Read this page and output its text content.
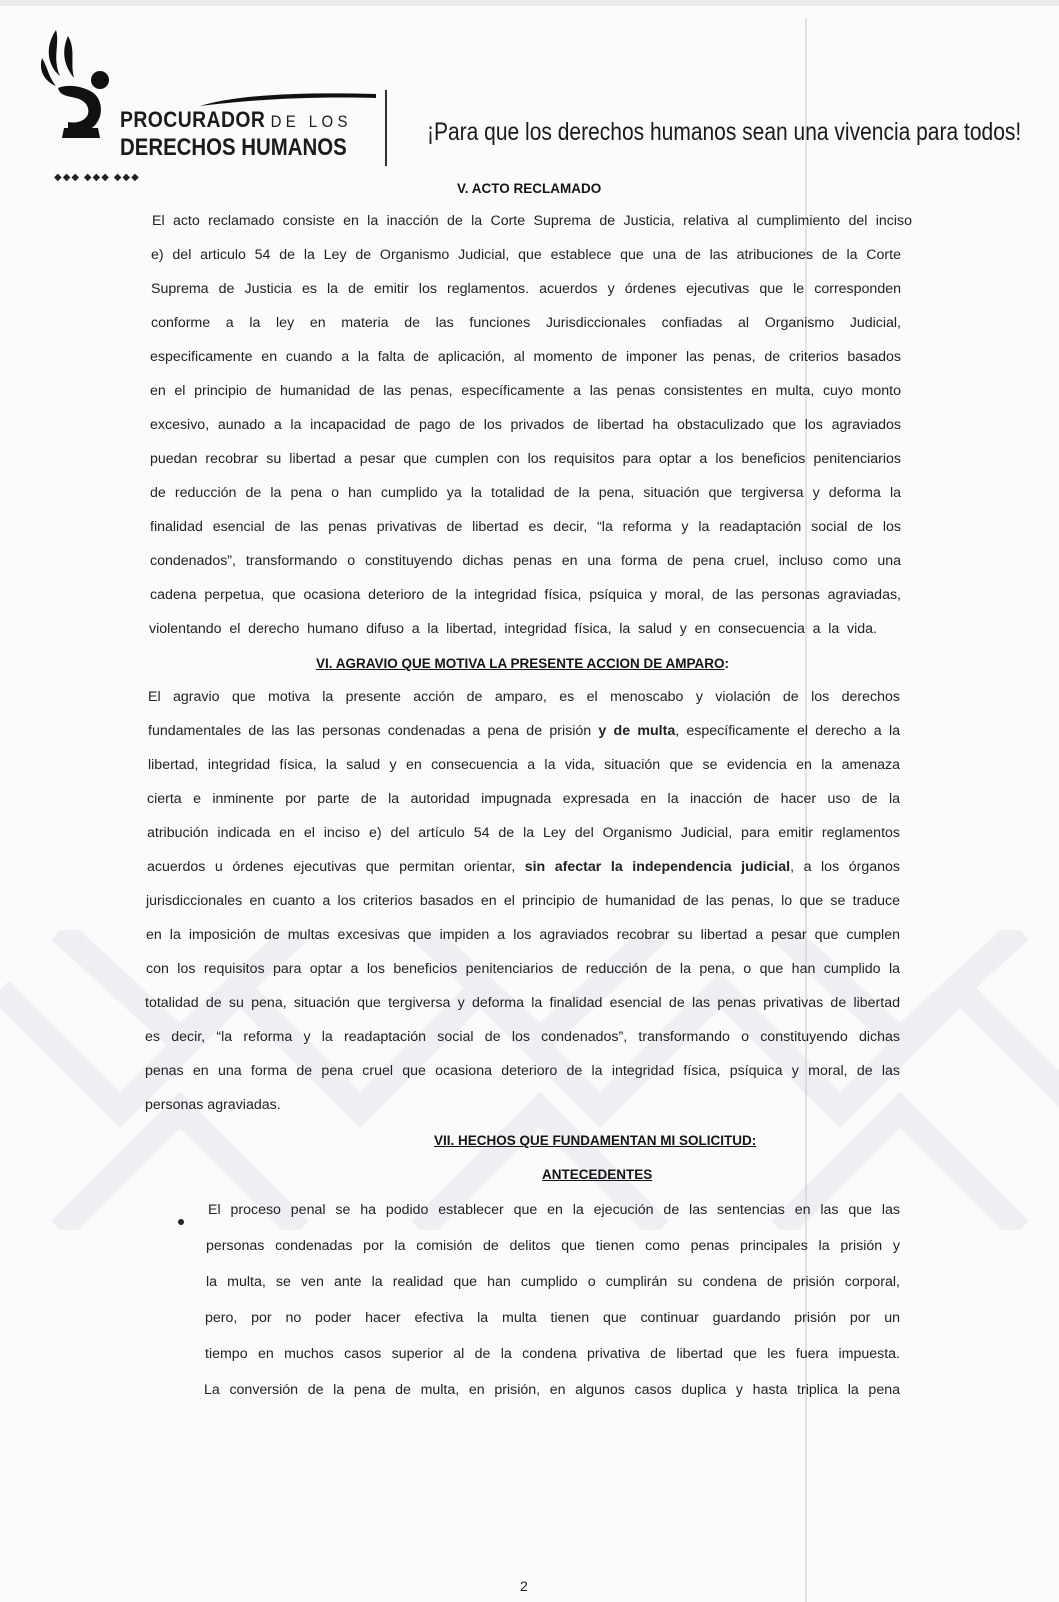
PROCURADOR DE LOS
DERECHOS HUMANOS
◆◆◆ ◆◆◆ ◆◆◆
¡Para que los derechos humanos sean una vivencia para todos!
V. ACTO RECLAMADO
El acto reclamado consiste en la inacción de la Corte Suprema de Justicia, relativa al cumplimiento del inciso
e) del articulo 54 de la Ley de Organismo Judicial, que establece que una de las atribuciones de la Corte
Suprema de Justicia es la de emitir los reglamentos. acuerdos y órdenes ejecutivas que le corresponden
conforme a la ley en materia de las funciones Jurisdiccionales confiadas al Organismo Judicial,
especificamente en cuando a la falta de aplicación, al momento de imponer las penas, de criterios basados
en el principio de humanidad de las penas, específicamente a las penas consistentes en multa, cuyo monto
excesivo, aunado a la incapacidad de pago de los privados de libertad ha obstaculizado que los agraviados
puedan recobrar su libertad a pesar que cumplen con los requisitos para optar a los beneficios penitenciarios
de reducción de la pena o han cumplido ya la totalidad de la pena, situación que tergiversa y deforma la
finalidad esencial de las penas privativas de libertad es decir, “la reforma y la readaptación social de los
condenados”, transformando o constituyendo dichas penas en una forma de pena cruel, incluso como una
cadena perpetua, que ocasiona deterioro de la integridad física, psíquica y moral, de las personas agraviadas,
violentando el derecho humano difuso a la libertad, integridad física, la salud y en consecuencia a la vida.
VI. AGRAVIO QUE MOTIVA LA PRESENTE ACCION DE AMPARO:
El agravio que motiva la presente acción de amparo, es el menoscabo y violación de los derechos
fundamentales de las las personas condenadas a pena de prisión y de multa, específicamente el derecho a la
libertad, integridad física, la salud y en consecuencia a la vida, situación que se evidencia en la amenaza
cierta e inminente por parte de la autoridad impugnada expresada en la inacción de hacer uso de la
atribución indicada en el inciso e) del artículo 54 de la Ley del Organismo Judicial, para emitir reglamentos
acuerdos u órdenes ejecutivas que permitan orientar, sin afectar la independencia judicial, a los órganos
jurisdiccionales en cuanto a los criterios basados en el principio de humanidad de las penas, lo que se traduce
en la imposición de multas excesivas que impiden a los agraviados recobrar su libertad a pesar que cumplen
con los requisitos para optar a los beneficios penitenciarios de reducción de la pena, o que han cumplido la
totalidad de su pena, situación que tergiversa y deforma la finalidad esencial de las penas privativas de libertad
es decir, “la reforma y la readaptación social de los condenados”, transformando o constituyendo dichas
penas en una forma de pena cruel que ocasiona deterioro de la integridad física, psíquica y moral, de las
personas agraviadas.
VII. HECHOS QUE FUNDAMENTAN MI SOLICITUD:
ANTECEDENTES
El proceso penal se ha podido establecer que en la ejecución de las sentencias en las que las
personas condenadas por la comisión de delitos que tienen como penas principales la prisión y
la multa, se ven ante la realidad que han cumplido o cumplirán su condena de prisión corporal,
pero, por no poder hacer efectiva la multa tienen que continuar guardando prisión por un
tiempo en muchos casos superior al de la condena privativa de libertad que les fuera impuesta.
La conversión de la pena de multa, en prisión, en algunos casos duplica y hasta triplica la pena
2
